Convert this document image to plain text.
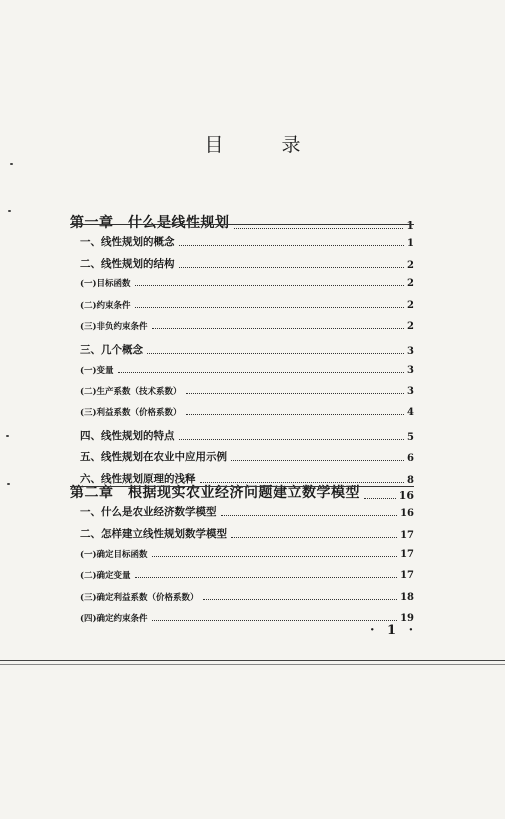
目 录
第一章　什么是线性规划	1
一、线性规划的概念	1
二、线性规划的结构	2
(一)目标函数	2
(二)约束条件	2
(三)非负约束条件	2
三、几个概念	3
(一)变量	3
(二)生产系数（技术系数）	3
(三)利益系数（价格系数）	4
四、线性规划的特点	5
五、线性规划在农业中应用示例	6
六、线性规划原理的浅释	8
第二章　根据现实农业经济问题建立数学模型	16
一、什么是农业经济数学模型	16
二、怎样建立线性规划数学模型	17
(一)确定目标函数	17
(二)确定变量	17
(三)确定利益系数（价格系数）	18
(四)确定约束条件	19
· 1 ·
